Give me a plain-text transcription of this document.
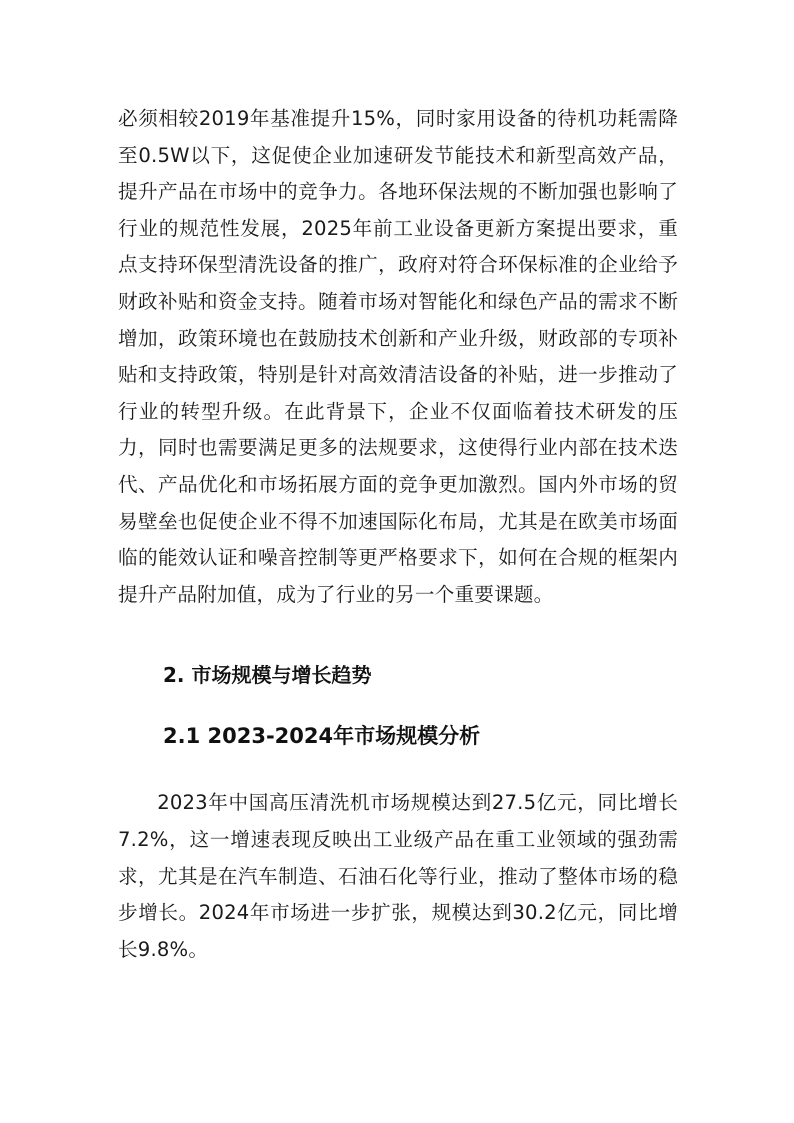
必须相较2019年基准提升15%，同时家用设备的待机功耗需降至0.5W以下，这促使企业加速研发节能技术和新型高效产品，提升产品在市场中的竞争力。各地环保法规的不断加强也影响了行业的规范性发展，2025年前工业设备更新方案提出要求，重点支持环保型清洗设备的推广，政府对符合环保标准的企业给予财政补贴和资金支持。随着市场对智能化和绿色产品的需求不断增加，政策环境也在鼓励技术创新和产业升级，财政部的专项补贴和支持政策，特别是针对高效清洁设备的补贴，进一步推动了行业的转型升级。在此背景下，企业不仅面临着技术研发的压力，同时也需要满足更多的法规要求，这使得行业内部在技术迭代、产品优化和市场拓展方面的竞争更加激烈。国内外市场的贸易壁垒也促使企业不得不加速国际化布局，尤其是在欧美市场面临的能效认证和噪音控制等更严格要求下，如何在合规的框架内提升产品附加值，成为了行业的另一个重要课题。

2. 市场规模与增长趋势
2.1 2023-2024年市场规模分析

2023年中国高压清洗机市场规模达到27.5亿元，同比增长7.2%，这一增速表现反映出工业级产品在重工业领域的强劲需求，尤其是在汽车制造、石油石化等行业，推动了整体市场的稳步增长。2024年市场进一步扩张，规模达到30.2亿元，同比增长9.8%。
